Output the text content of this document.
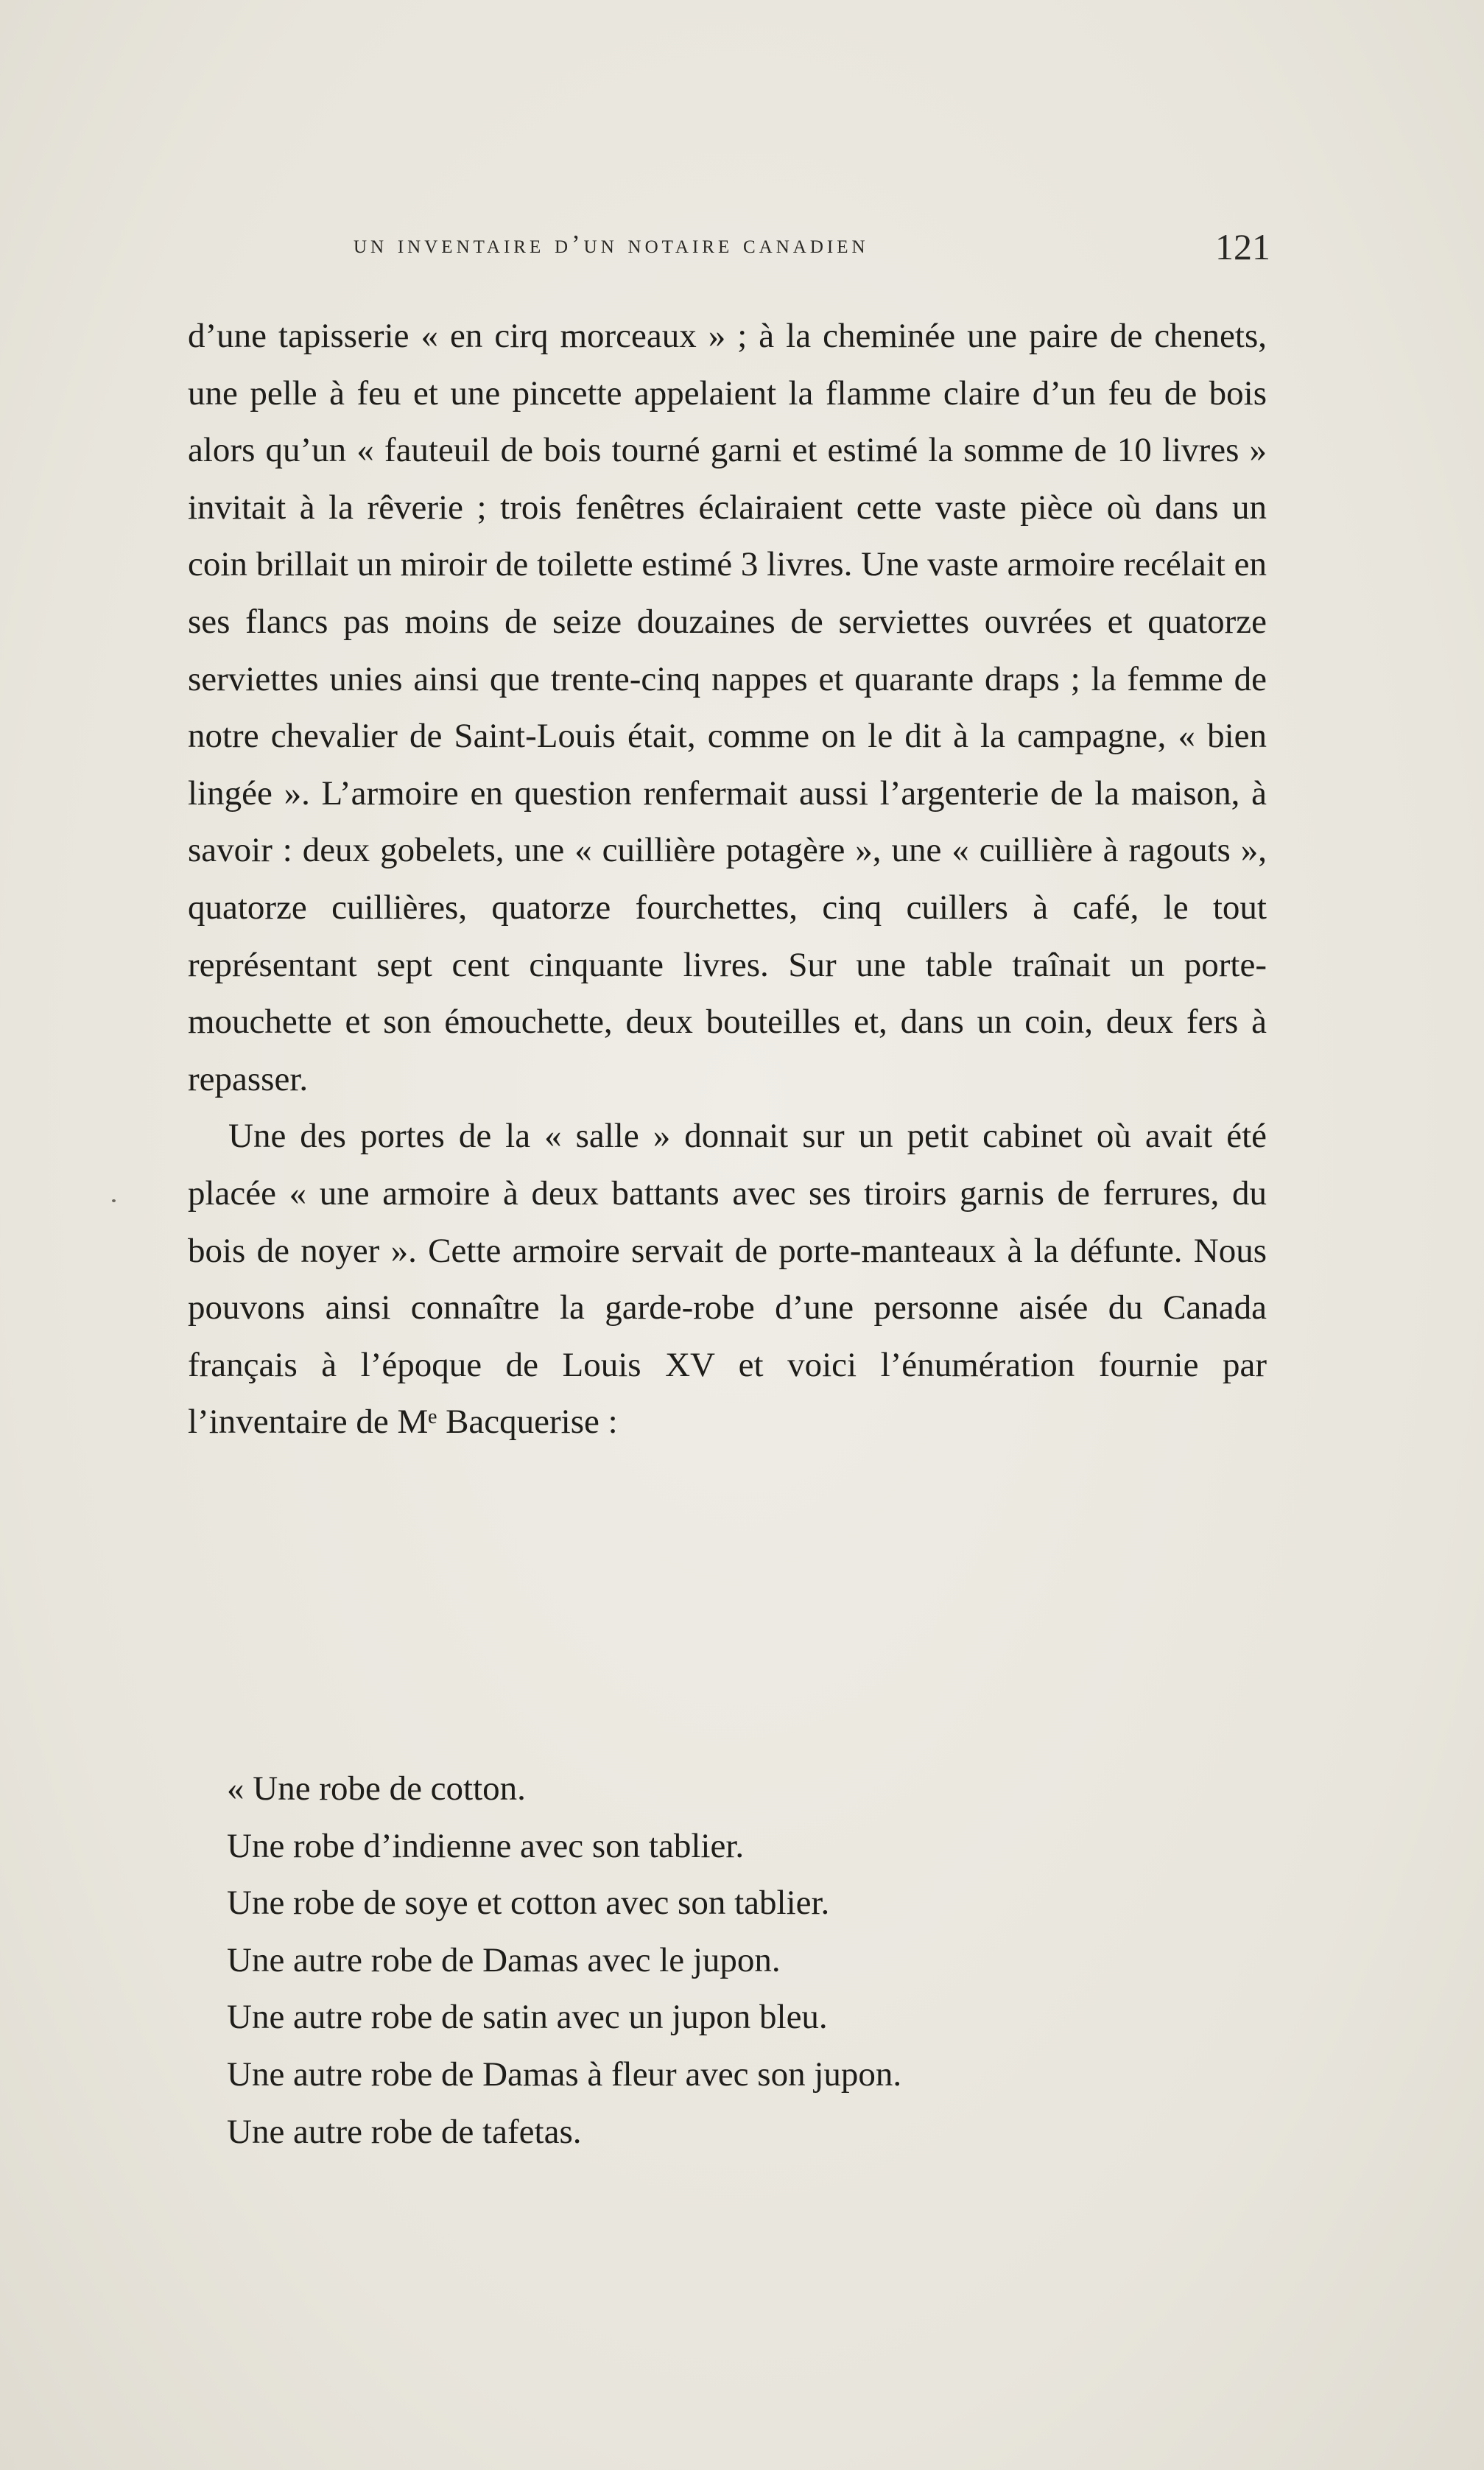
un inventaire d’un notaire canadien	121

d’une tapisserie « en cirq morceaux » ; à la cheminée une paire de chenets, une pelle à feu et une pincette appelaient la flamme claire d’un feu de bois alors qu’un « fauteuil de bois tourné garni et estimé la somme de 10 livres » invitait à la rêverie ; trois fenêtres éclairaient cette vaste pièce où dans un coin brillait un miroir de toilette estimé 3 livres. Une vaste armoire recélait en ses flancs pas moins de seize douzaines de serviettes ouvrées et quatorze serviettes unies ainsi que trente-cinq nappes et quarante draps ; la femme de notre chevalier de Saint-Louis était, comme on le dit à la campagne, « bien lingée ». L’armoire en question renfermait aussi l’argenterie de la maison, à savoir : deux gobelets, une « cuillière potagère », une « cuillière à ragouts », quatorze cuillières, quatorze fourchettes, cinq cuillers à café, le tout représentant sept cent cinquante livres. Sur une table traînait un porte-mouchette et son émouchette, deux bouteilles et, dans un coin, deux fers à repasser.

Une des portes de la « salle » donnait sur un petit cabinet où avait été placée « une armoire à deux battants avec ses tiroirs garnis de ferrures, du bois de noyer ». Cette armoire servait de porte-manteaux à la défunte. Nous pouvons ainsi connaître la garde-robe d’une personne aisée du Canada français à l’époque de Louis XV et voici l’énumération fournie par l’inventaire de Mᵉ Bacquerise :

« Une robe de cotton.
Une robe d’indienne avec son tablier.
Une robe de soye et cotton avec son tablier.
Une autre robe de Damas avec le jupon.
Une autre robe de satin avec un jupon bleu.
Une autre robe de Damas à fleur avec son jupon.
Une autre robe de tafetas.
